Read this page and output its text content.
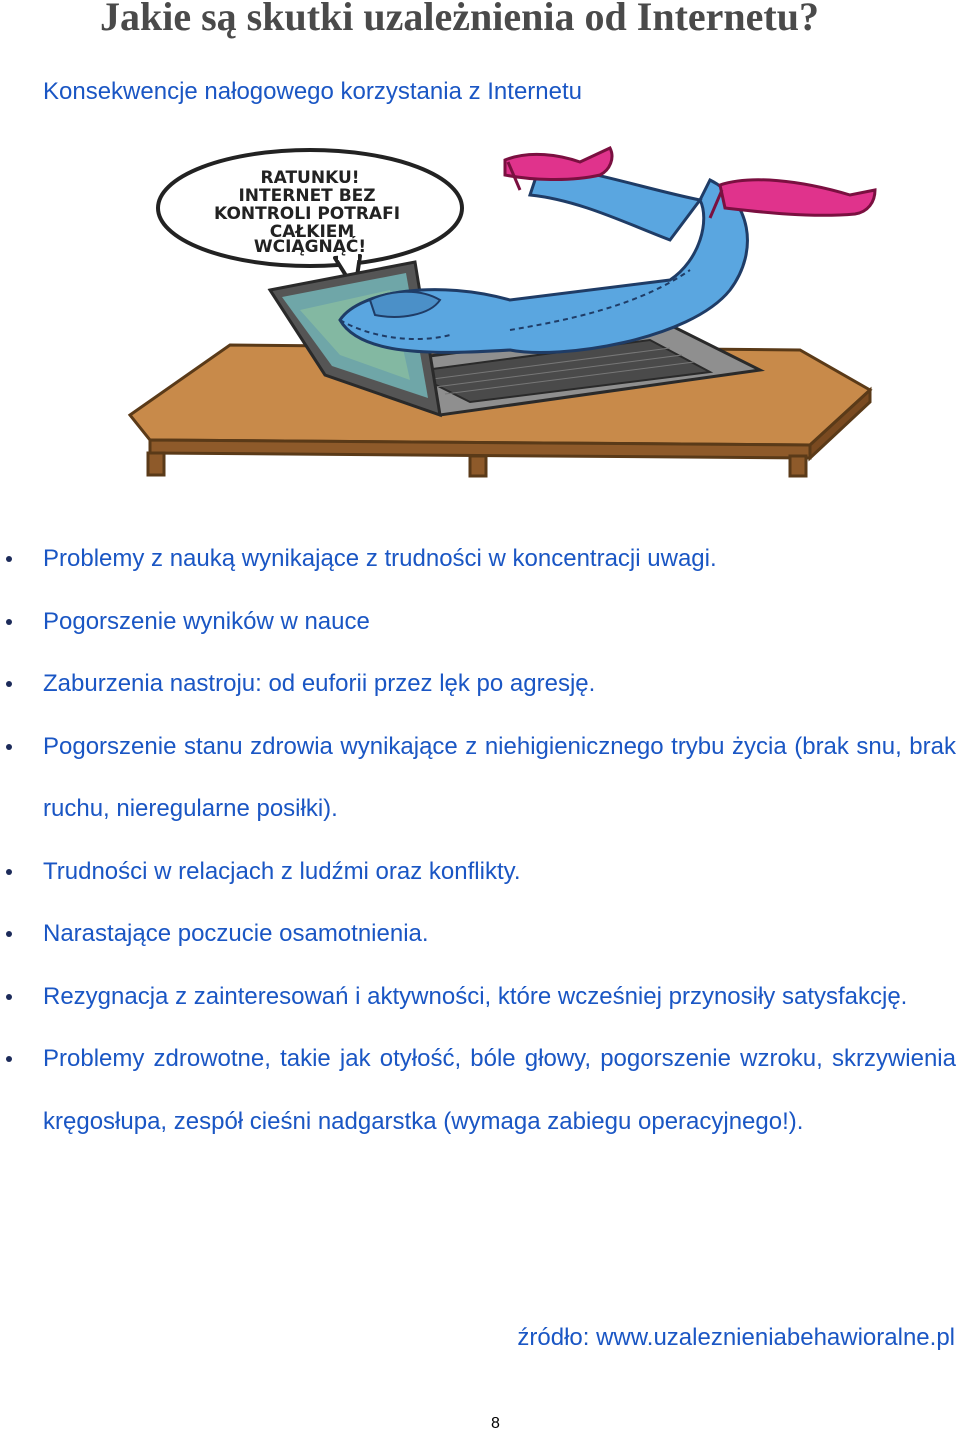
Jakie są skutki uzależnienia od Internetu?

Konsekwencje nałogowego korzystania z Internetu

RATUNKU! INTERNET BEZ KONTROLI POTRAFI CAŁKIEM WCIĄGNĄĆ!
Problemy z nauką wynikające z trudności w koncentracji uwagi.
Pogorszenie wyników w nauce
Zaburzenia nastroju: od euforii przez lęk po agresję.
Pogorszenie stanu zdrowia wynikające z niehigienicznego trybu życia (brak snu, brak ruchu, nieregularne posiłki).
Trudności w relacjach z ludźmi oraz konflikty.
Narastające poczucie osamotnienia.
Rezygnacja z zainteresowań i aktywności, które wcześniej przynosiły satysfakcję.
Problemy zdrowotne, takie jak otyłość, bóle głowy, pogorszenie wzroku, skrzywienia kręgosłupa, zespół cieśni nadgarstka (wymaga zabiegu operacyjnego!).

źródło: www.uzaleznieniabehawioralne.pl

8
